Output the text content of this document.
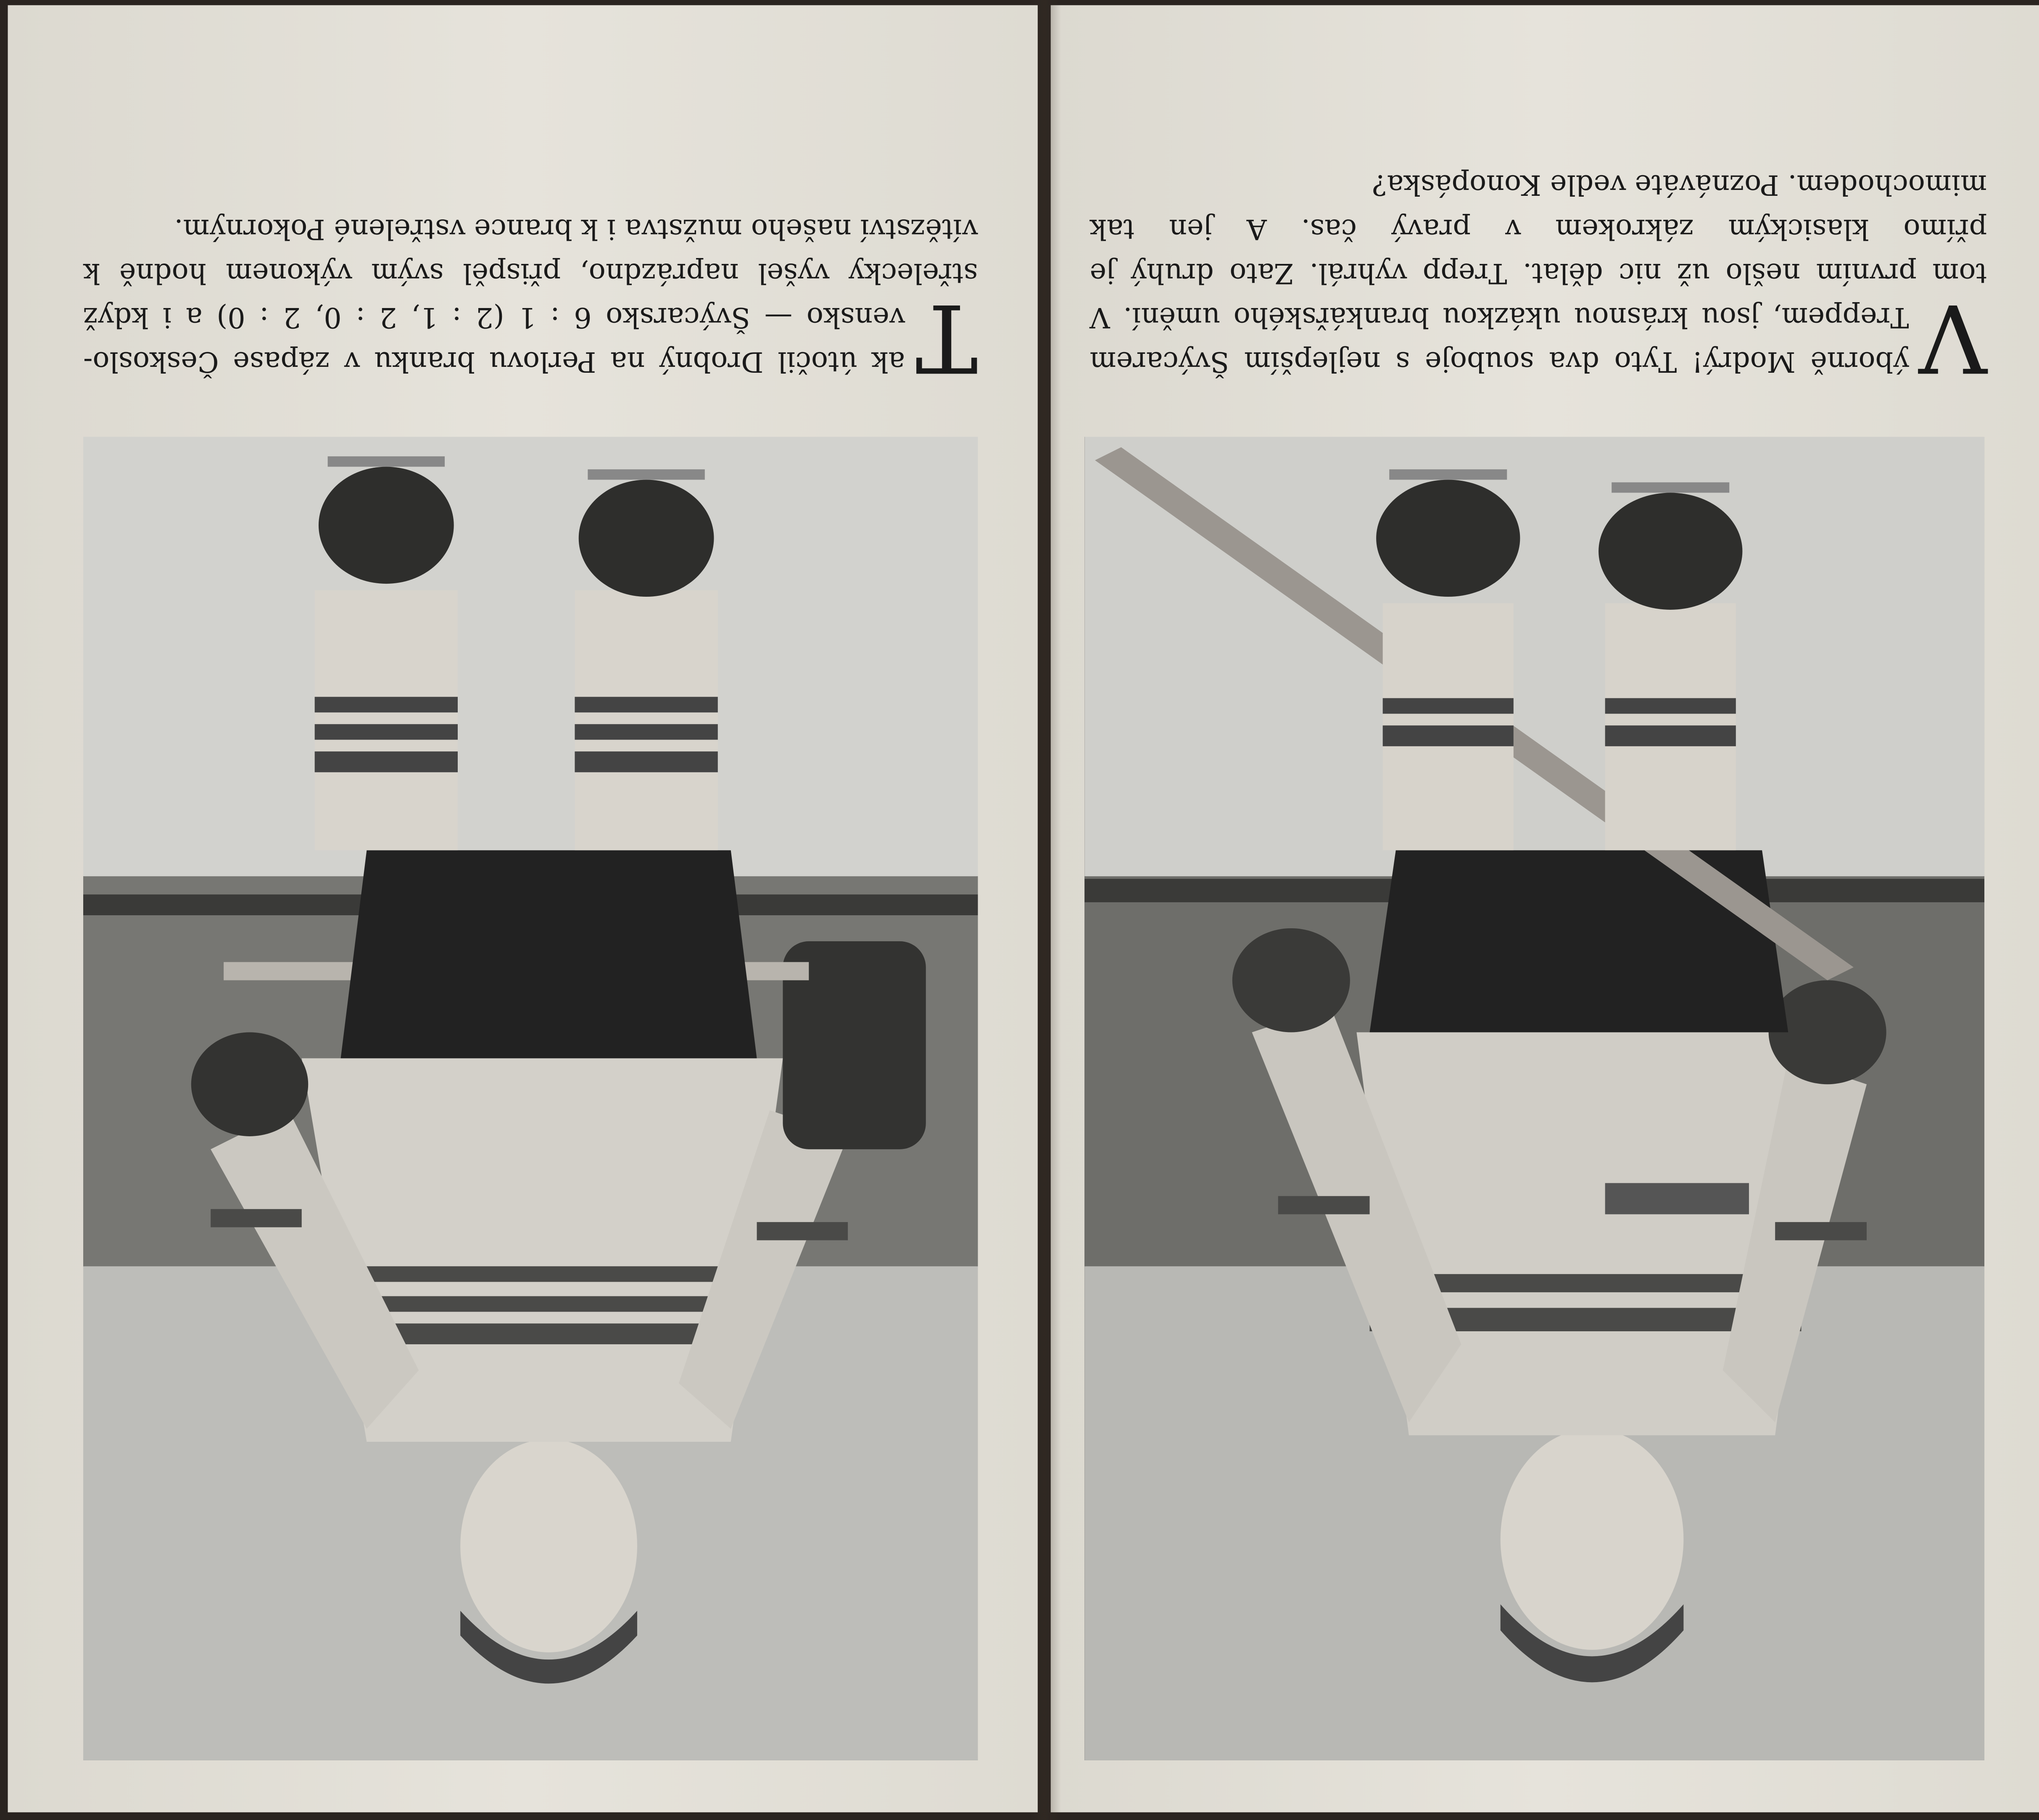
V
ýborně Modrý! Tyto dva souboje s nejlepším Švýcarem Treppem, jsou krásnou ukázkou brankářského umění. V tom prvním nešlo už nic dělat. Trepp vyhrál. Zato druhý je přímo klasickým zákrokem v pravý čas. A jen tak mimochodem. Poznáváte vedle Konopáska?

T
ak útočil Drobný na Perlovu branku v zápase Československo — Švýcarsko 6 : 1 (2 : 1, 2 : 0, 2 : 0) a i když střelecky vyšel naprázdno, přispěl svým výkonem hodně k vítězství našeho mužstva i k brance vstřelené Pokorným.
